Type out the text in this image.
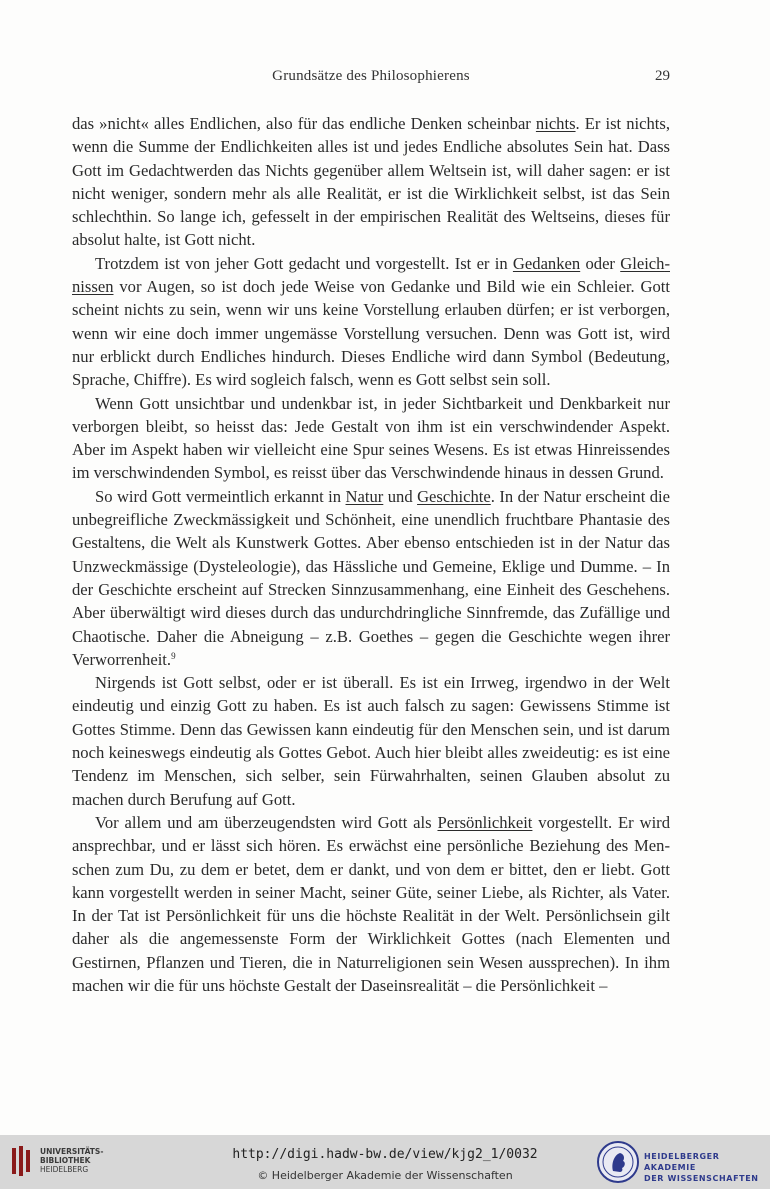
Grundsätze des Philosophierens	29

das »nicht« alles Endlichen, also für das endliche Denken scheinbar nichts. Er ist nichts, wenn die Summe der Endlichkeiten alles ist und jedes Endliche absolutes Sein hat. Dass Gott im Gedachtwerden das Nichts gegenüber allem Weltsein ist, will daher sagen: er ist nicht weniger, sondern mehr als alle Realität, er ist die Wirklichkeit selbst, ist das Sein schlechthin. So lange ich, gefesselt in der empirischen Realität des Weltseins, dieses für absolut halte, ist Gott nicht.

Trotzdem ist von jeher Gott gedacht und vorgestellt. Ist er in Gedanken oder Gleichnissen vor Augen, so ist doch jede Weise von Gedanke und Bild wie ein Schleier. Gott scheint nichts zu sein, wenn wir uns keine Vorstellung erlauben dürfen; er ist verborgen, wenn wir eine doch immer ungemässe Vorstellung versuchen. Denn was Gott ist, wird nur erblickt durch Endliches hindurch. Dieses Endliche wird dann Symbol (Bedeutung, Sprache, Chiffre). Es wird sogleich falsch, wenn es Gott selbst sein soll.

Wenn Gott unsichtbar und undenkbar ist, in jeder Sichtbarkeit und Denkbarkeit nur verborgen bleibt, so heisst das: Jede Gestalt von ihm ist ein verschwindender Aspekt. Aber im Aspekt haben wir vielleicht eine Spur seines Wesens. Es ist etwas Hinreissendes im verschwindenden Symbol, es reisst über das Verschwindende hinaus in dessen Grund.

So wird Gott vermeintlich erkannt in Natur und Geschichte. In der Natur erscheint die unbegreifliche Zweckmässigkeit und Schönheit, eine unendlich fruchtbare Phantasie des Gestaltens, die Welt als Kunstwerk Gottes. Aber ebenso entschieden ist in der Natur das Unzweckmässige (Dysteleologie), das Hässliche und Gemeine, Eklige und Dumme. – In der Geschichte erscheint auf Strecken Sinnzusammenhang, eine Einheit des Geschehens. Aber überwältigt wird dieses durch das undurchdringliche Sinnfremde, das Zufällige und Chaotische. Daher die Abneigung – z.B. Goethes – gegen die Geschichte wegen ihrer Verworrenheit.$^9$

Nirgends ist Gott selbst, oder er ist überall. Es ist ein Irrweg, irgendwo in der Welt eindeutig und einzig Gott zu haben. Es ist auch falsch zu sagen: Gewissens Stimme ist Gottes Stimme. Denn das Gewissen kann eindeutig für den Menschen sein, und ist darum noch keineswegs eindeutig als Gottes Gebot. Auch hier bleibt alles zweideutig: es ist eine Tendenz im Menschen, sich selber, sein Fürwahrhalten, seinen Glauben absolut zu machen durch Berufung auf Gott.

Vor allem und am überzeugendsten wird Gott als Persönlichkeit vorgestellt. Er wird ansprechbar, und er lässt sich hören. Es erwächst eine persönliche Beziehung des Menschen zum Du, zu dem er betet, dem er dankt, und von dem er bittet, den er liebt. Gott kann vorgestellt werden in seiner Macht, seiner Güte, seiner Liebe, als Richter, als Vater. In der Tat ist Persönlichkeit für uns die höchste Realität in der Welt. Persönlichsein gilt daher als die angemessenste Form der Wirklichkeit Gottes (nach Elementen und Gestirnen, Pflanzen und Tieren, die in Naturreligionen sein Wesen aussprechen). In ihm machen wir die für uns höchste Gestalt der Daseinsrealität – die Persönlichkeit –

UNIVERSITÄTS-
BIBLIOTHEK
HEIDELBERG
http://digi.hadw-bw.de/view/kjg2_1/0032
© Heidelberger Akademie der Wissenschaften
HEIDELBERGER AKADEMIE
DER WISSENSCHAFTEN
